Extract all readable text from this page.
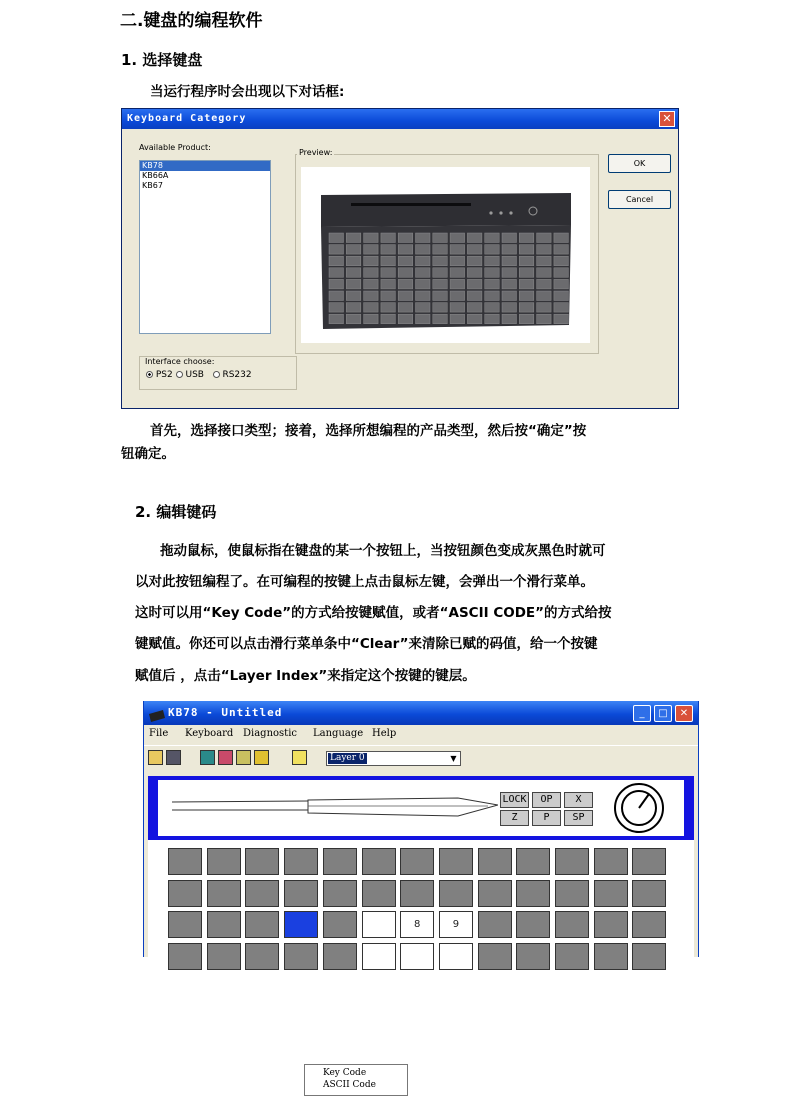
二.键盘的编程软件
1. 选择键盘
当运行程序时会出现以下对话框:
Keyboard Category	✕
Available Product:
KB78
KB66A
KB67
Preview:
OK
Cancel
Interface choose:
PS2 USB RS232
首先，选择接口类型；接着，选择所想编程的产品类型，然后按“确定”按
钮确定。
2. 编辑键码
拖动鼠标，使鼠标指在键盘的某一个按钮上，当按钮颜色变成灰黑色时就可
以对此按钮编程了。在可编程的按键上点击鼠标左键，会弹出一个滑行菜单。
这时可以用“Key Code”的方式给按键赋值，或者“ASCII CODE”的方式给按
键赋值。你还可以点击滑行菜单条中“Clear”来清除已赋的码值，给一个按键
赋值后 ，点击“Layer Index”来指定这个按键的键层。
KB78 - Untitled	_	□	✕
File Keyboard Diagnostic Language Help
Layer 0	▼
LOCK	OP	X
Z	P	SP
8	9
Key Code
ASCII Code
